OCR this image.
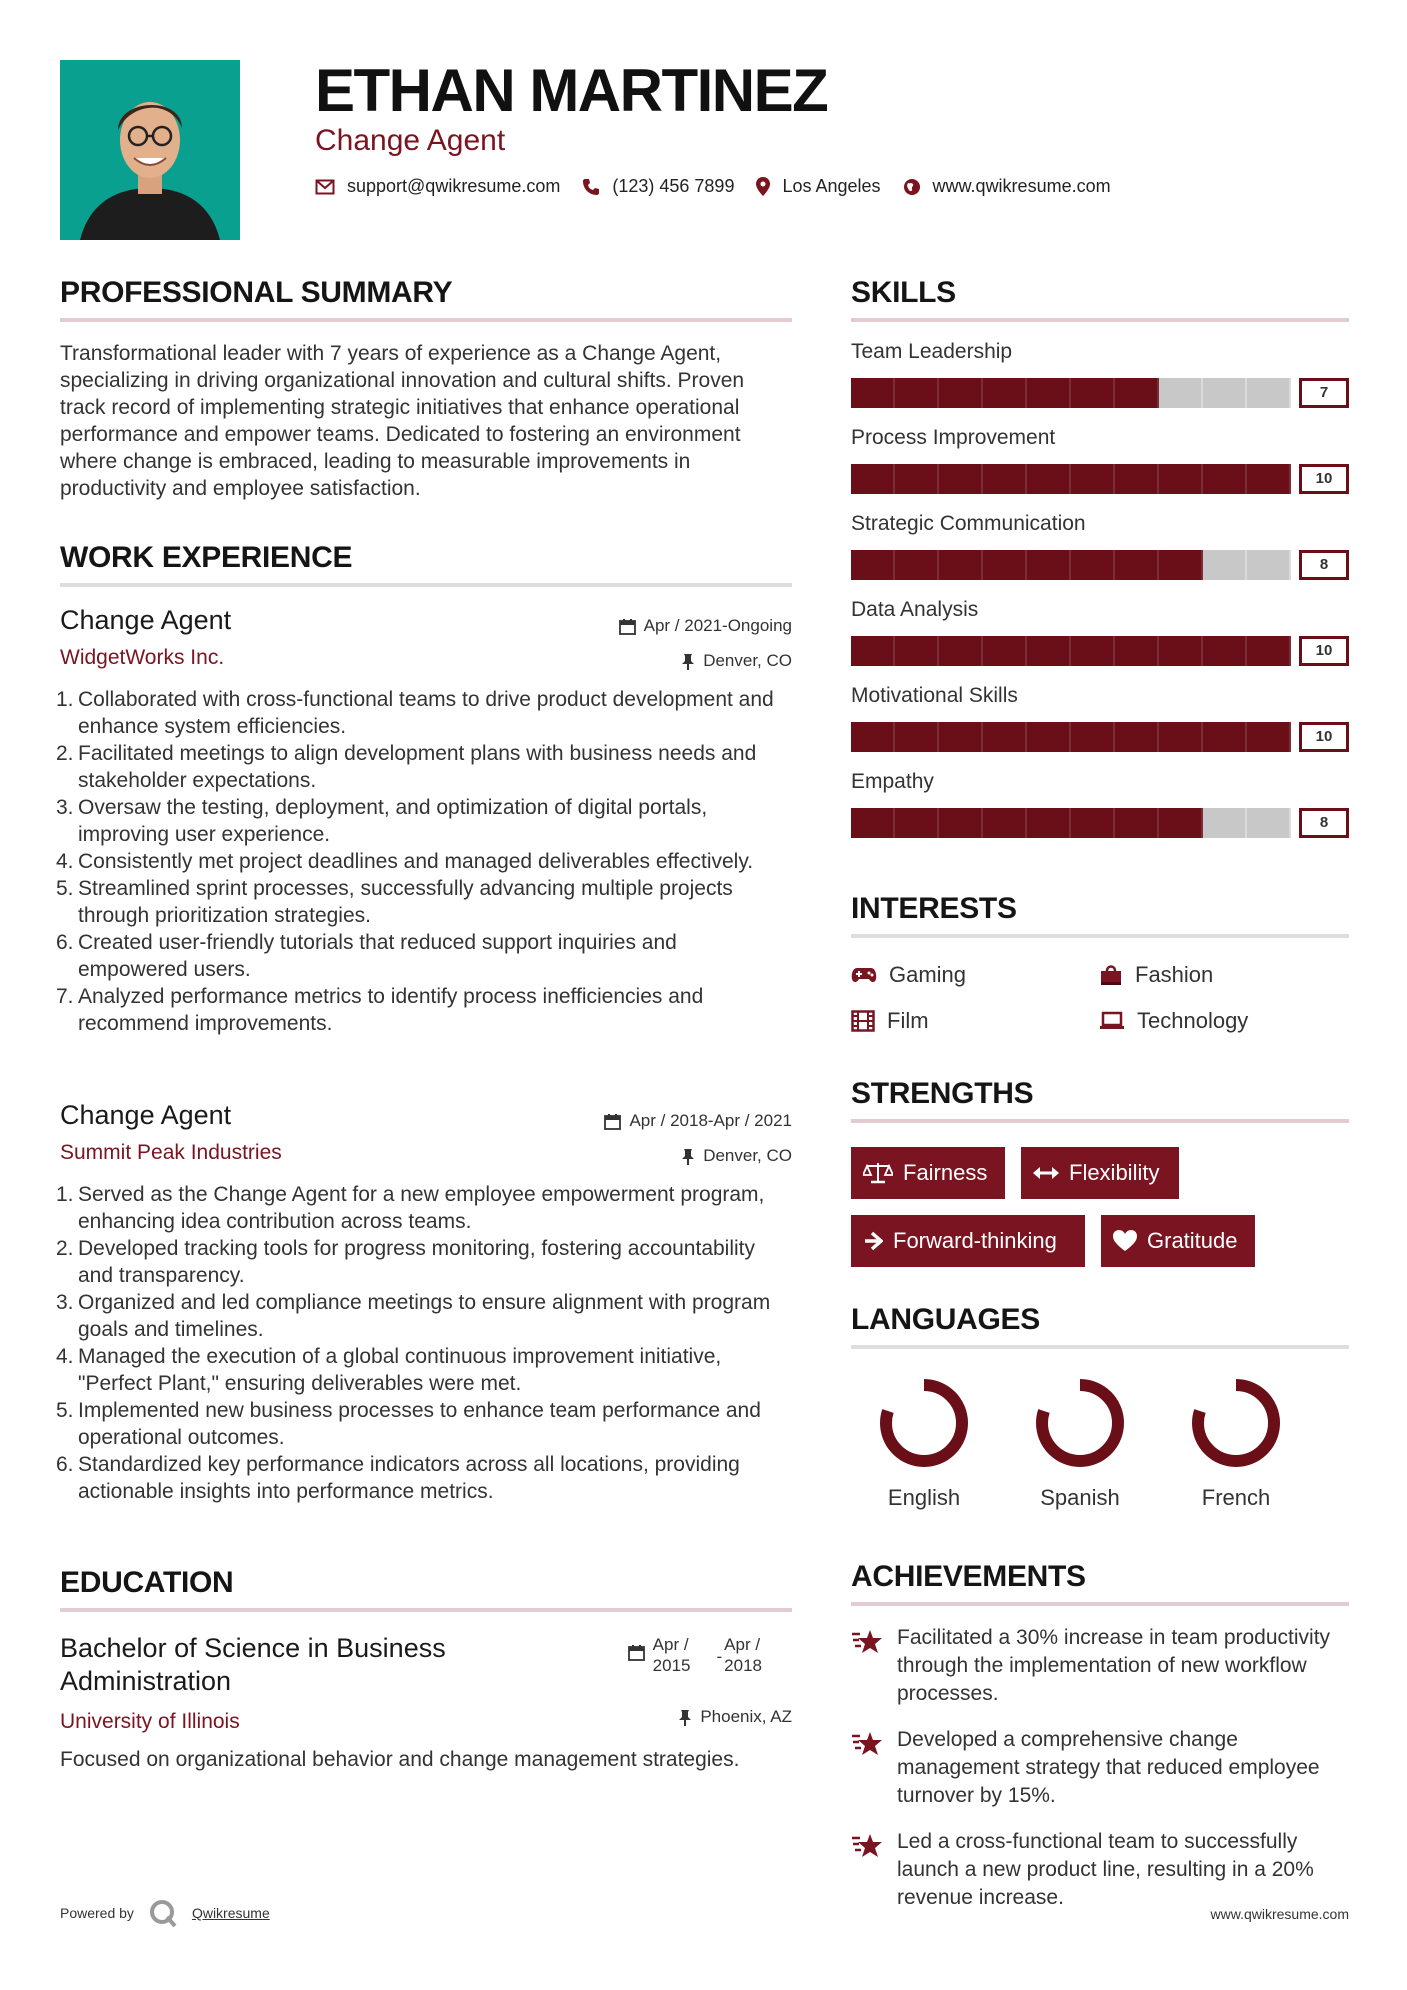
ETHAN MARTINEZ
Change Agent
support@qwikresume.com	(123) 456 7899	Los Angeles	www.qwikresume.com
PROFESSIONAL SUMMARY

Transformational leader with 7 years of experience as a Change Agent, specializing in driving organizational innovation and cultural shifts. Proven track record of implementing strategic initiatives that enhance operational performance and empower teams. Dedicated to fostering an environment where change is embraced, leading to measurable improvements in productivity and employee satisfaction.

WORK EXPERIENCE
Change Agent	Apr / 2021-Ongoing
WidgetWorks Inc.	Denver, CO
1. Collaborated with cross-functional teams to drive product development and enhance system efficiencies.
2. Facilitated meetings to align development plans with business needs and stakeholder expectations.
3. Oversaw the testing, deployment, and optimization of digital portals, improving user experience.
4. Consistently met project deadlines and managed deliverables effectively.
5. Streamlined sprint processes, successfully advancing multiple projects through prioritization strategies.
6. Created user-friendly tutorials that reduced support inquiries and empowered users.
7. Analyzed performance metrics to identify process inefficiencies and recommend improvements.
Change Agent	Apr / 2018-Apr / 2021
Summit Peak Industries	Denver, CO
1. Served as the Change Agent for a new employee empowerment program, enhancing idea contribution across teams.
2. Developed tracking tools for progress monitoring, fostering accountability and transparency.
3. Organized and led compliance meetings to ensure alignment with program goals and timelines.
4. Managed the execution of a global continuous improvement initiative, "Perfect Plant," ensuring deliverables were met.
5. Implemented new business processes to enhance team performance and operational outcomes.
6. Standardized key performance indicators across all locations, providing actionable insights into performance metrics.
EDUCATION
Bachelor of Science in Business
Administration
Apr /
2015 -
Apr /
2018
University of Illinois	Phoenix, AZ

Focused on organizational behavior and change management strategies.

SKILLS
Team Leadership
7
Process Improvement
10
Strategic Communication
8
Data Analysis
10
Motivational Skills
10
Empathy
8
INTERESTS
Gaming	Fashion
Film	Technology
STRENGTHS
Fairness	Flexibility
Forward-thinking	Gratitude
LANGUAGES
English	Spanish	French
ACHIEVEMENTS
Facilitated a 30% increase in team productivity through the implementation of new workflow processes.
Developed a comprehensive change management strategy that reduced employee turnover by 15%.
Led a cross-functional team to successfully launch a new product line, resulting in a 20% revenue increase.
Powered by	Qwikresume	www.qwikresume.com
